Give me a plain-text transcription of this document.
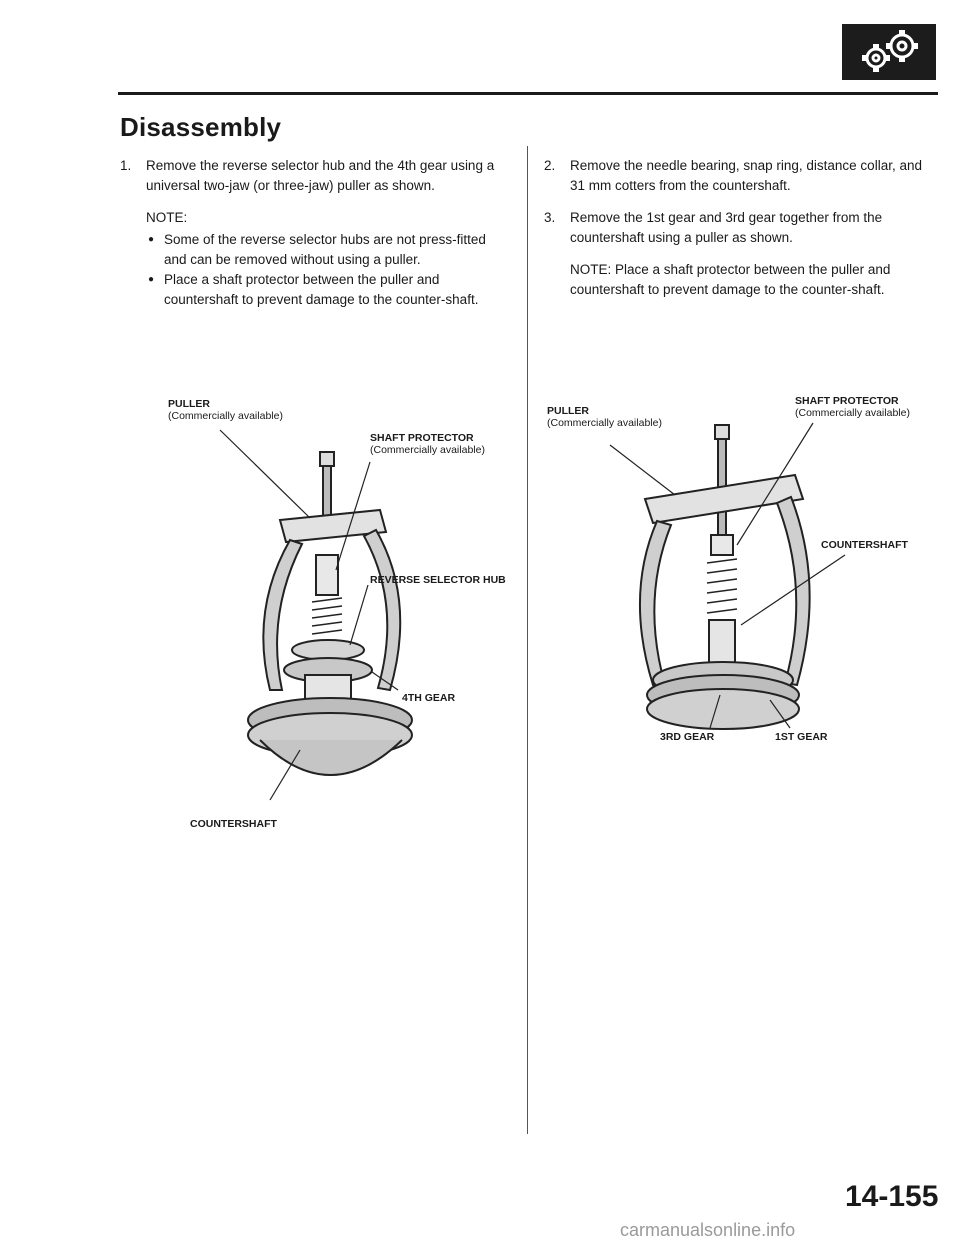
Disassembly
1.	Remove the reverse selector hub and the 4th gear using a universal two-jaw (or three-jaw) puller as shown.
NOTE:
● Some of the reverse selector hubs are not press-fitted and can be removed without using a puller.
● Place a shaft protector between the puller and countershaft to prevent damage to the counter-shaft.
2.	Remove the needle bearing, snap ring, distance collar, and 31 mm cotters from the countershaft.
3.	Remove the 1st gear and 3rd gear together from the countershaft using a puller as shown.
NOTE: Place a shaft protector between the puller and countershaft to prevent damage to the counter-shaft.
PULLER
(Commercially available)
SHAFT PROTECTOR
(Commercially available)
REVERSE SELECTOR HUB
4TH GEAR
COUNTERSHAFT
PULLER
(Commercially available)
SHAFT PROTECTOR
(Commercially available)
COUNTERSHAFT
3RD GEAR	1ST GEAR
14-155
carmanualsonline.info
